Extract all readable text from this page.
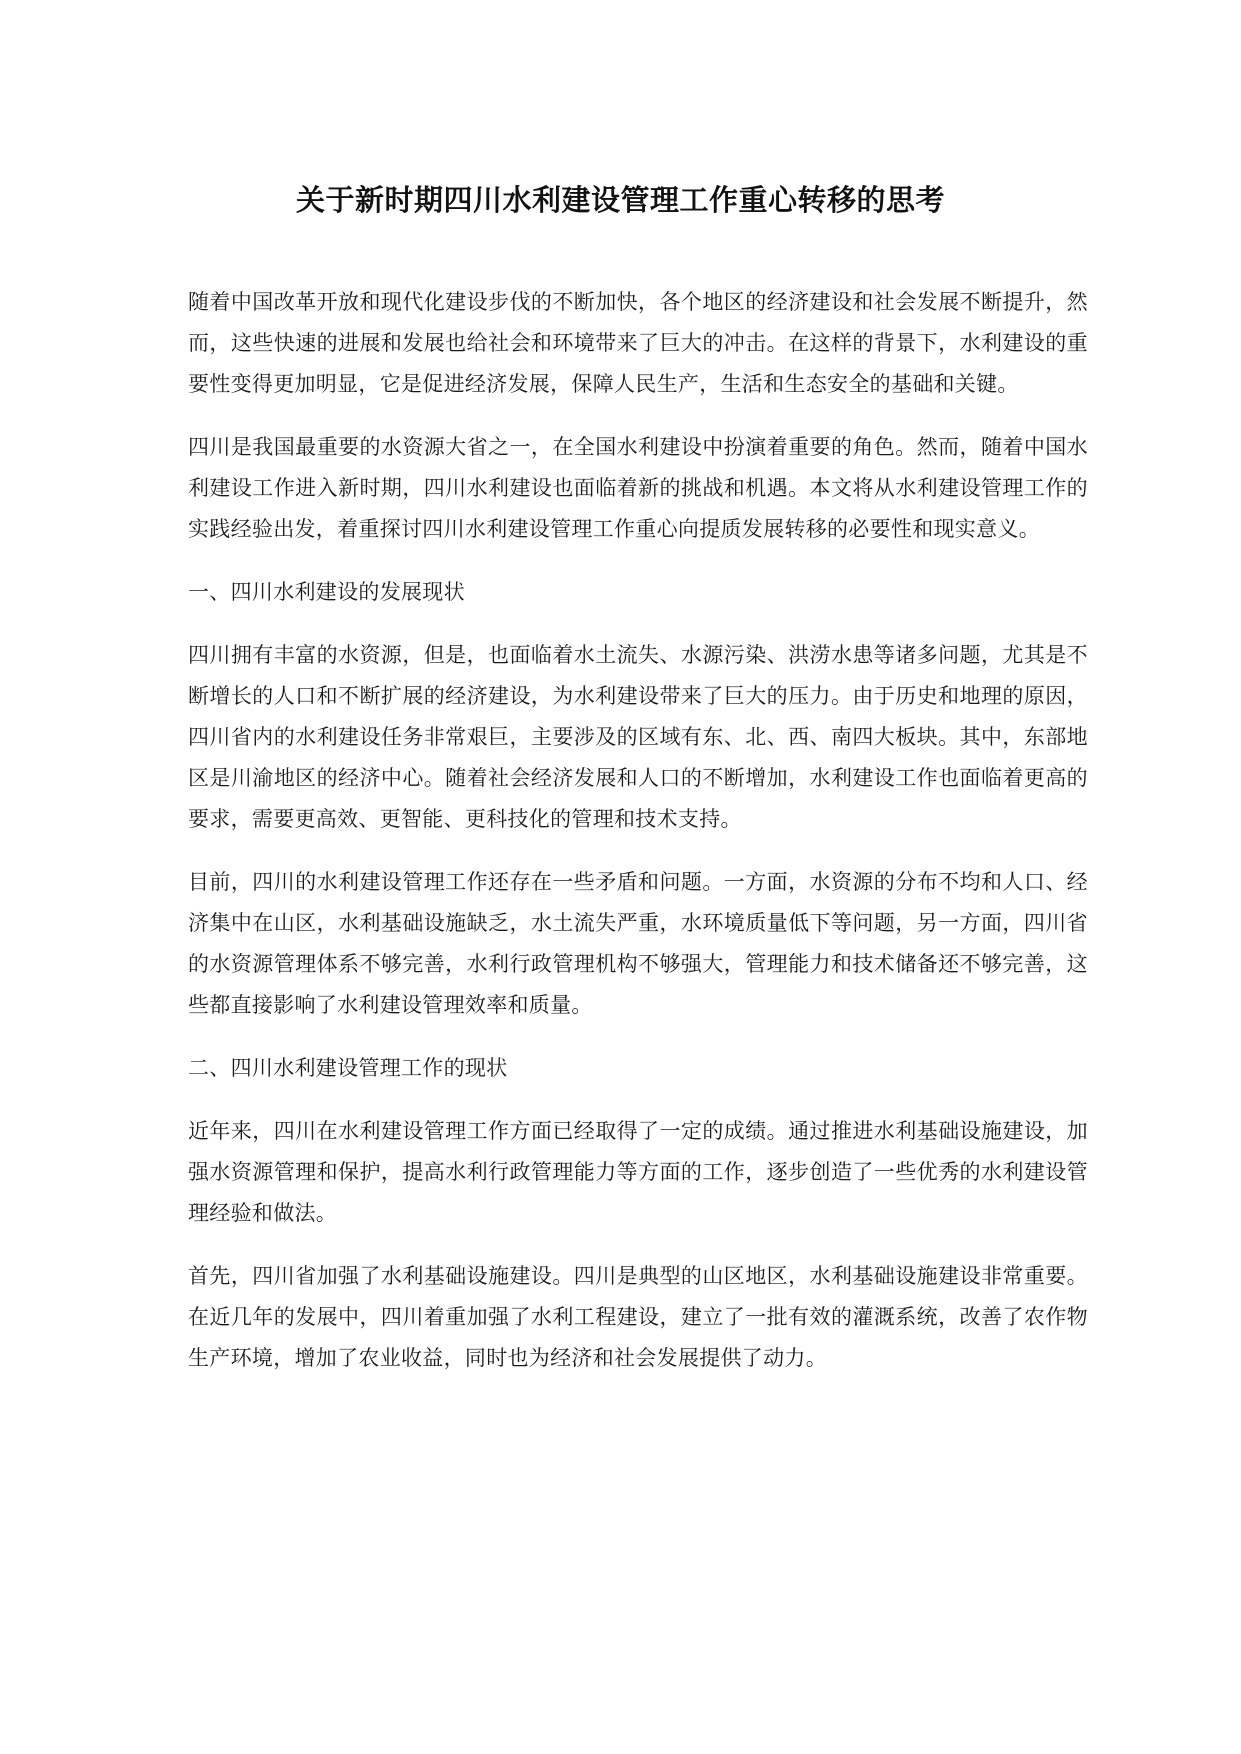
关于新时期四川水利建设管理工作重心转移的思考

随着中国改革开放和现代化建设步伐的不断加快，各个地区的经济建设和社会发展不断提升，然而，这些快速的进展和发展也给社会和环境带来了巨大的冲击。在这样的背景下，水利建设的重要性变得更加明显，它是促进经济发展，保障人民生产，生活和生态安全的基础和关键。

四川是我国最重要的水资源大省之一，在全国水利建设中扮演着重要的角色。然而，随着中国水利建设工作进入新时期，四川水利建设也面临着新的挑战和机遇。本文将从水利建设管理工作的实践经验出发，着重探讨四川水利建设管理工作重心向提质发展转移的必要性和现实意义。

一、四川水利建设的发展现状

四川拥有丰富的水资源，但是，也面临着水土流失、水源污染、洪涝水患等诸多问题，尤其是不断增长的人口和不断扩展的经济建设，为水利建设带来了巨大的压力。由于历史和地理的原因，四川省内的水利建设任务非常艰巨，主要涉及的区域有东、北、西、南四大板块。其中，东部地区是川渝地区的经济中心。随着社会经济发展和人口的不断增加，水利建设工作也面临着更高的要求，需要更高效、更智能、更科技化的管理和技术支持。

目前，四川的水利建设管理工作还存在一些矛盾和问题。一方面，水资源的分布不均和人口、经济集中在山区，水利基础设施缺乏，水土流失严重，水环境质量低下等问题，另一方面，四川省的水资源管理体系不够完善，水利行政管理机构不够强大，管理能力和技术储备还不够完善，这些都直接影响了水利建设管理效率和质量。

二、四川水利建设管理工作的现状

近年来，四川在水利建设管理工作方面已经取得了一定的成绩。通过推进水利基础设施建设，加强水资源管理和保护，提高水利行政管理能力等方面的工作，逐步创造了一些优秀的水利建设管理经验和做法。

首先，四川省加强了水利基础设施建设。四川是典型的山区地区，水利基础设施建设非常重要。在近几年的发展中，四川着重加强了水利工程建设，建立了一批有效的灌溉系统，改善了农作物生产环境，增加了农业收益，同时也为经济和社会发展提供了动力。
